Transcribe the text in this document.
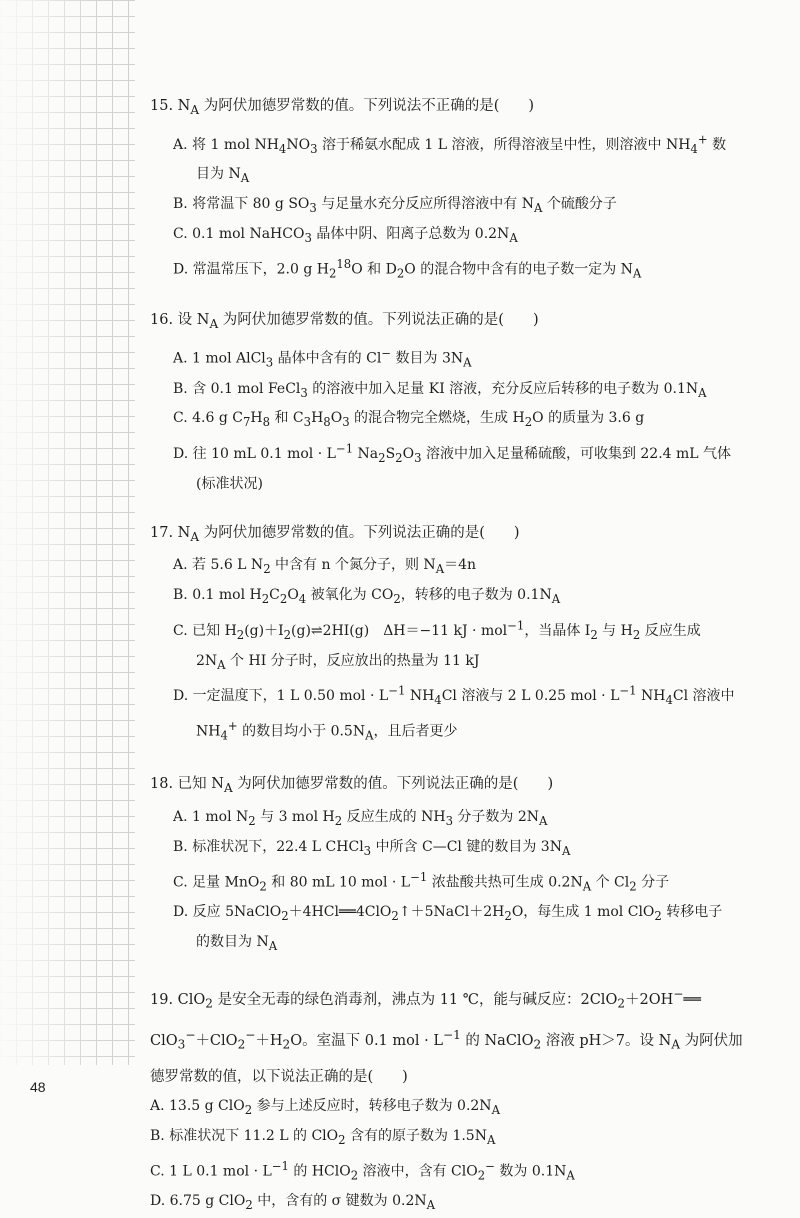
15. $N_A$ 为阿伏加德罗常数的值。下列说法不正确的是(　　)

A. 将 1 mol $NH_4NO_3$ 溶于稀氨水配成 1 L 溶液，所得溶液呈中性，则溶液中 $NH_4^+$ 数
目为 $N_A$

B. 将常温下 80 g $SO_3$ 与足量水充分反应所得溶液中有 $N_A$ 个硫酸分子

C. 0.1 mol NaHCO$_3$ 晶体中阴、阳离子总数为 $0.2N_A$

D. 常温常压下，2.0 g $H_2^{18}O$ 和 $D_2O$ 的混合物中含有的电子数一定为 $N_A$

16. 设 $N_A$ 为阿伏加德罗常数的值。下列说法正确的是(　　)

A. 1 mol AlCl$_3$ 晶体中含有的 Cl− 数目为 $3N_A$

B. 含 0.1 mol FeCl$_3$ 的溶液中加入足量 KI 溶液，充分反应后转移的电子数为 $0.1N_A$

C. 4.6 g $C_7H_8$ 和 $C_3H_8O_3$ 的混合物完全燃烧，生成 $H_2O$ 的质量为 3.6 g

D. 往 10 mL 0.1 mol · $L^{-1}$ $Na_2S_2O_3$ 溶液中加入足量稀硫酸，可收集到 22.4 mL 气体
(标准状况)

17. $N_A$ 为阿伏加德罗常数的值。下列说法正确的是(　　)

A. 若 5.6 L $N_2$ 中含有 n 个氮分子，则 $N_A=4n$

B. 0.1 mol $H_2C_2O_4$ 被氧化为 $CO_2$，转移的电子数为 $0.1N_A$

C. 已知 $H_2(g)+I_2(g)\rightleftharpoons 2HI(g)$　ΔH＝−11 kJ · mol$^{-1}$，当晶体 $I_2$ 与 $H_2$ 反应生成
$2N_A$ 个 HI 分子时，反应放出的热量为 11 kJ

D. 一定温度下，1 L 0.50 mol · $L^{-1}$ $NH_4Cl$ 溶液与 2 L 0.25 mol · $L^{-1}$ $NH_4Cl$ 溶液中
$NH_4^+$ 的数目均小于 $0.5N_A$，且后者更少

18. 已知 $N_A$ 为阿伏加德罗常数的值。下列说法正确的是(　　)

A. 1 mol $N_2$ 与 3 mol $H_2$ 反应生成的 $NH_3$ 分子数为 $2N_A$

B. 标准状况下，22.4 L CHCl$_3$ 中所含 C—Cl 键的数目为 $3N_A$

C. 足量 MnO$_2$ 和 80 mL 10 mol · $L^{-1}$ 浓盐酸共热可生成 $0.2N_A$ 个 $Cl_2$ 分子

D. 反应 $5NaClO_2+4HCl══4ClO_2↑+5NaCl+2H_2O$，每生成 1 mol ClO$_2$ 转移电子
的数目为 $N_A$

19. ClO$_2$ 是安全无毒的绿色消毒剂，沸点为 11 ℃，能与碱反应：2ClO$_2$＋2OH−══

$ClO_3^-+ClO_2^-+H_2O$。室温下 0.1 mol · $L^{-1}$ 的 NaClO$_2$ 溶液 pH＞7。设 $N_A$ 为阿伏加

德罗常数的值，以下说法正确的是(　　)

A. 13.5 g ClO$_2$ 参与上述反应时，转移电子数为 $0.2N_A$

B. 标准状况下 11.2 L 的 ClO$_2$ 含有的原子数为 $1.5N_A$

C. 1 L 0.1 mol · $L^{-1}$ 的 HClO$_2$ 溶液中，含有 ClO$_2$− 数为 $0.1N_A$

D. 6.75 g ClO$_2$ 中，含有的 σ 键数为 $0.2N_A$

48
